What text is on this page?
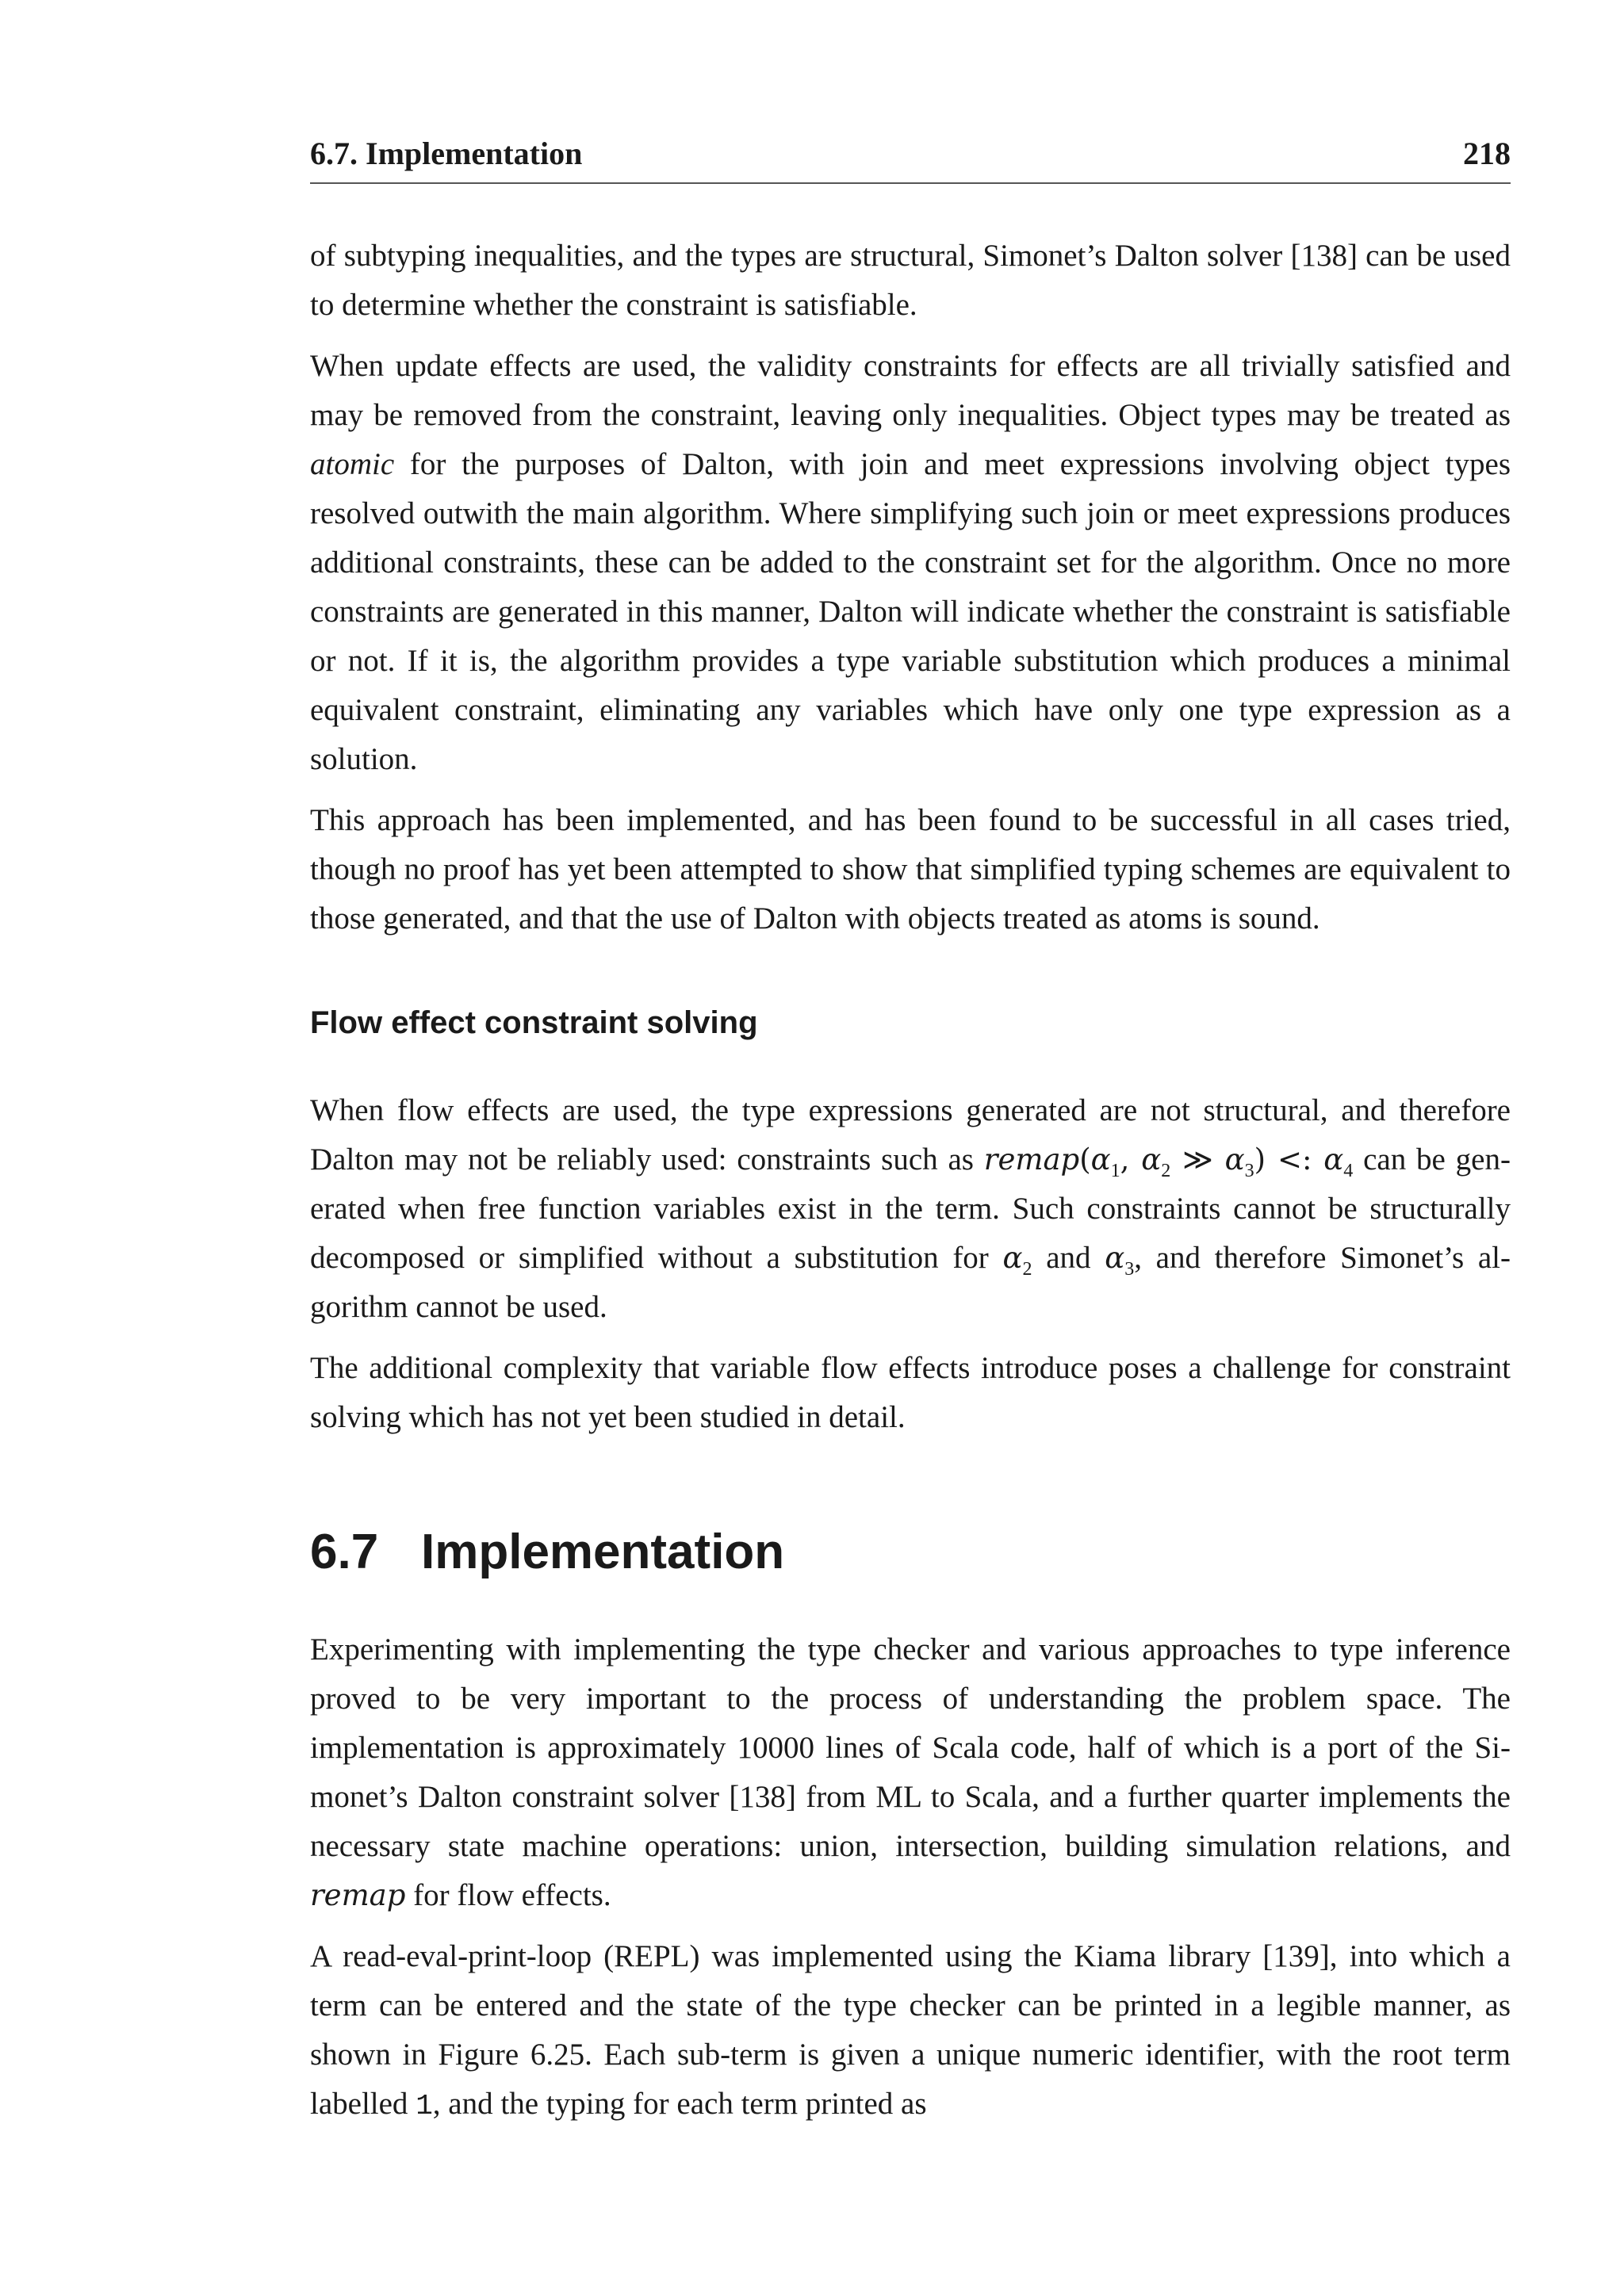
6.7. Implementation	218

of subtyping inequalities, and the types are structural, Simonet’s Dalton solver [138] can be used to determine whether the constraint is satisfiable.

When update effects are used, the validity constraints for effects are all trivially satisfied and may be removed from the constraint, leaving only inequalities. Object types may be treated as atomic for the purposes of Dalton, with join and meet expressions involving object types resolved outwith the main algorithm. Where simplifying such join or meet expressions produces additional constraints, these can be added to the constraint set for the algorithm. Once no more constraints are generated in this manner, Dalton will indicate whether the constraint is satisfiable or not. If it is, the algorithm provides a type variable substitution which produces a minimal equivalent constraint, eliminating any variables which have only one type expression as a solution.

This approach has been implemented, and has been found to be successful in all cases tried, though no proof has yet been attempted to show that simplified typing schemes are equivalent to those generated, and that the use of Dalton with objects treated as atoms is sound.

Flow effect constraint solving

When flow effects are used, the type expressions generated are not structural, and therefore Dalton may not be reliably used: constraints such as $remap(\alpha_1$, $\alpha_2$ ≫ $\alpha_3$) <: $\alpha_4$ can be generated when free function variables exist in the term. Such constraints cannot be structurally decomposed or simplified without a substitution for $\alpha_2$ and $\alpha_3$, and therefore Simonet’s algorithm cannot be used.

The additional complexity that variable flow effects introduce poses a challenge for constraint solving which has not yet been studied in detail.

6.7 Implementation

Experimenting with implementing the type checker and various approaches to type inference proved to be very important to the process of understanding the problem space. The implementation is approximately 10000 lines of Scala code, half of which is a port of the Simonet’s Dalton constraint solver [138] from ML to Scala, and a further quarter implements the necessary state machine operations: union, intersection, building simulation relations, and remap for flow effects.

A read-eval-print-loop (REPL) was implemented using the Kiama library [139], into which a term can be entered and the state of the type checker can be printed in a legible manner, as shown in Figure 6.25. Each sub-term is given a unique numeric identifier, with the root term labelled 1, and the typing for each term printed as
